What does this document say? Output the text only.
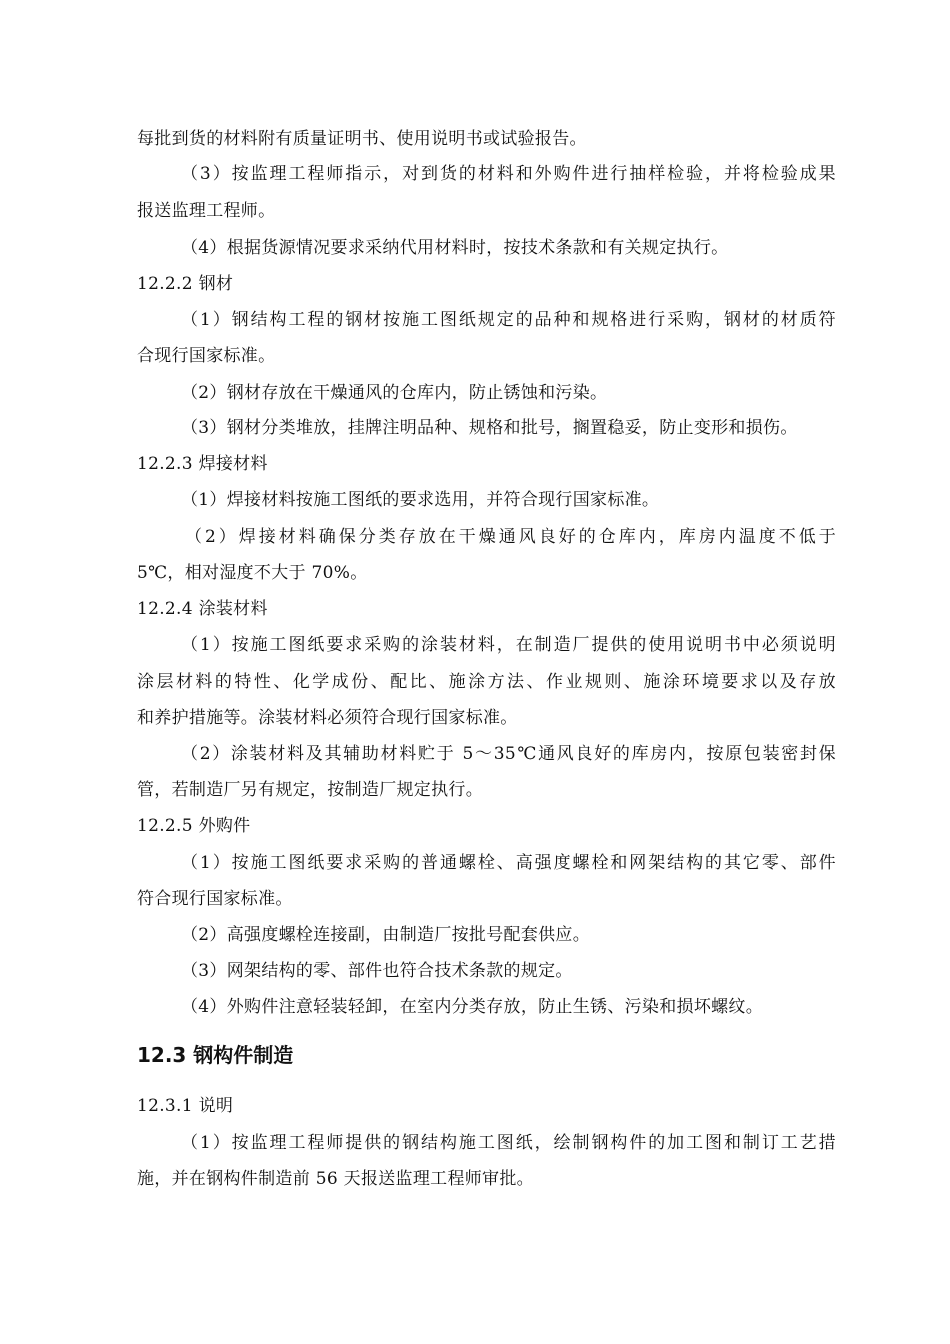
每批到货的材料附有质量证明书、使用说明书或试验报告。
（3）按监理工程师指示，对到货的材料和外购件进行抽样检验，并将检验成果
报送监理工程师。
（4）根据货源情况要求采纳代用材料时，按技术条款和有关规定执行。
12.2.2 钢材
（1）钢结构工程的钢材按施工图纸规定的品种和规格进行采购，钢材的材质符
合现行国家标准。
（2）钢材存放在干燥通风的仓库内，防止锈蚀和污染。
（3）钢材分类堆放，挂牌注明品种、规格和批号，搁置稳妥，防止变形和损伤。
12.2.3 焊接材料
（1）焊接材料按施工图纸的要求选用，并符合现行国家标准。
（2）焊接材料确保分类存放在干燥通风良好的仓库内，库房内温度不低于
5℃，相对湿度不大于 70%。
12.2.4 涂装材料
（1）按施工图纸要求采购的涂装材料，在制造厂提供的使用说明书中必须说明
涂层材料的特性、化学成份、配比、施涂方法、作业规则、施涂环境要求以及存放
和养护措施等。涂装材料必须符合现行国家标准。
（2）涂装材料及其辅助材料贮于 5～35℃通风良好的库房内，按原包装密封保
管，若制造厂另有规定，按制造厂规定执行。
12.2.5 外购件
（1）按施工图纸要求采购的普通螺栓、高强度螺栓和网架结构的其它零、部件
符合现行国家标准。
（2）高强度螺栓连接副，由制造厂按批号配套供应。
（3）网架结构的零、部件也符合技术条款的规定。
（4）外购件注意轻装轻卸，在室内分类存放，防止生锈、污染和损坏螺纹。
12.3 钢构件制造
12.3.1 说明
（1）按监理工程师提供的钢结构施工图纸，绘制钢构件的加工图和制订工艺措
施，并在钢构件制造前 56 天报送监理工程师审批。
